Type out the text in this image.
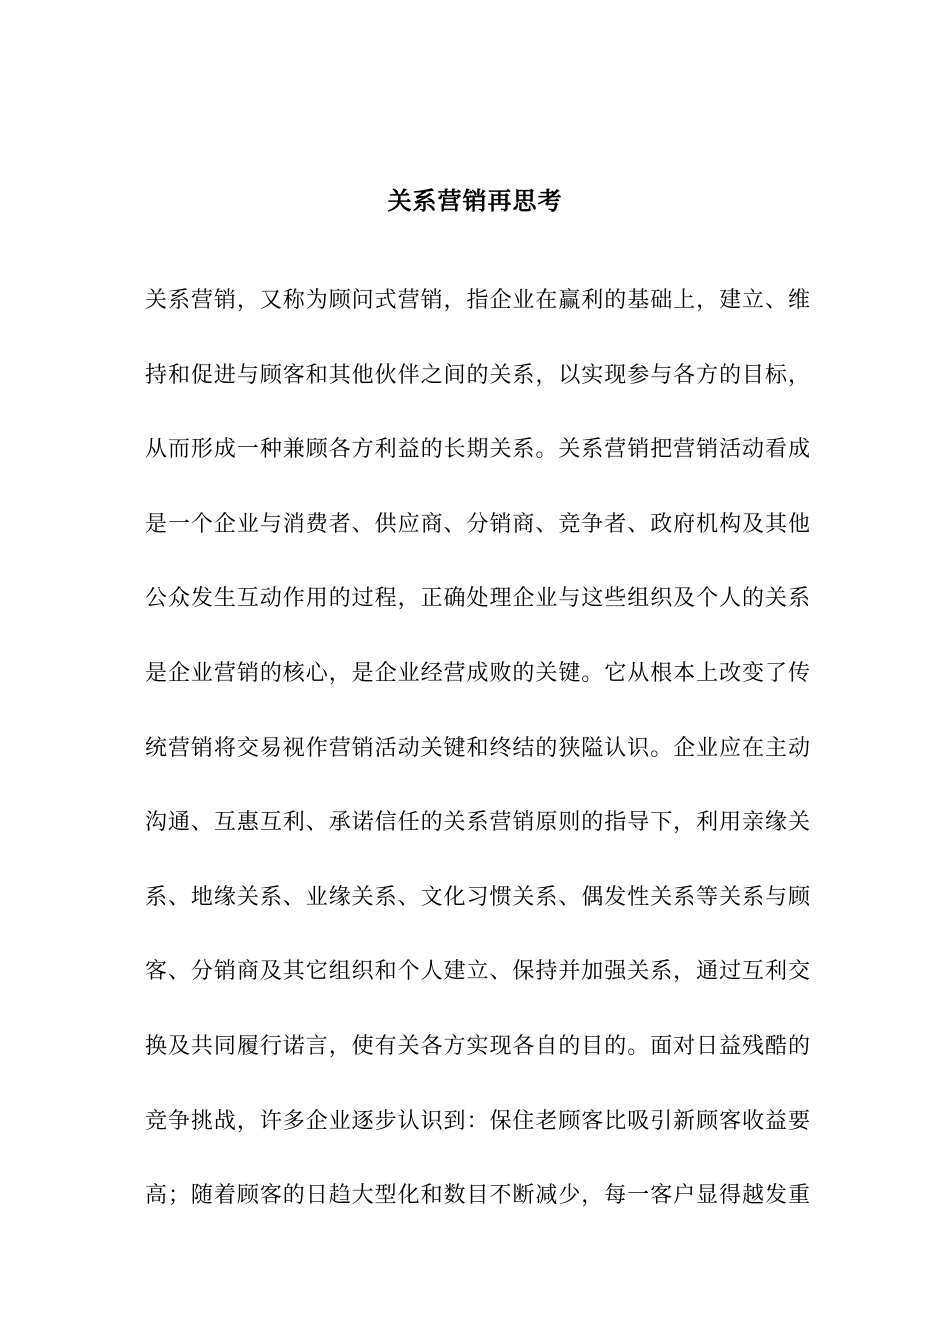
关系营销再思考
关系营销，又称为顾问式营销，指企业在赢利的基础上，建立、维
持和促进与顾客和其他伙伴之间的关系，以实现参与各方的目标，
从而形成一种兼顾各方利益的长期关系。关系营销把营销活动看成
是一个企业与消费者、供应商、分销商、竞争者、政府机构及其他
公众发生互动作用的过程，正确处理企业与这些组织及个人的关系
是企业营销的核心，是企业经营成败的关键。它从根本上改变了传
统营销将交易视作营销活动关键和终结的狭隘认识。企业应在主动
沟通、互惠互利、承诺信任的关系营销原则的指导下，利用亲缘关
系、地缘关系、业缘关系、文化习惯关系、偶发性关系等关系与顾
客、分销商及其它组织和个人建立、保持并加强关系，通过互利交
换及共同履行诺言，使有关各方实现各自的目的。面对日益残酷的
竞争挑战，许多企业逐步认识到：保住老顾客比吸引新顾客收益要
高；随着顾客的日趋大型化和数目不断减少，每一客户显得越发重
